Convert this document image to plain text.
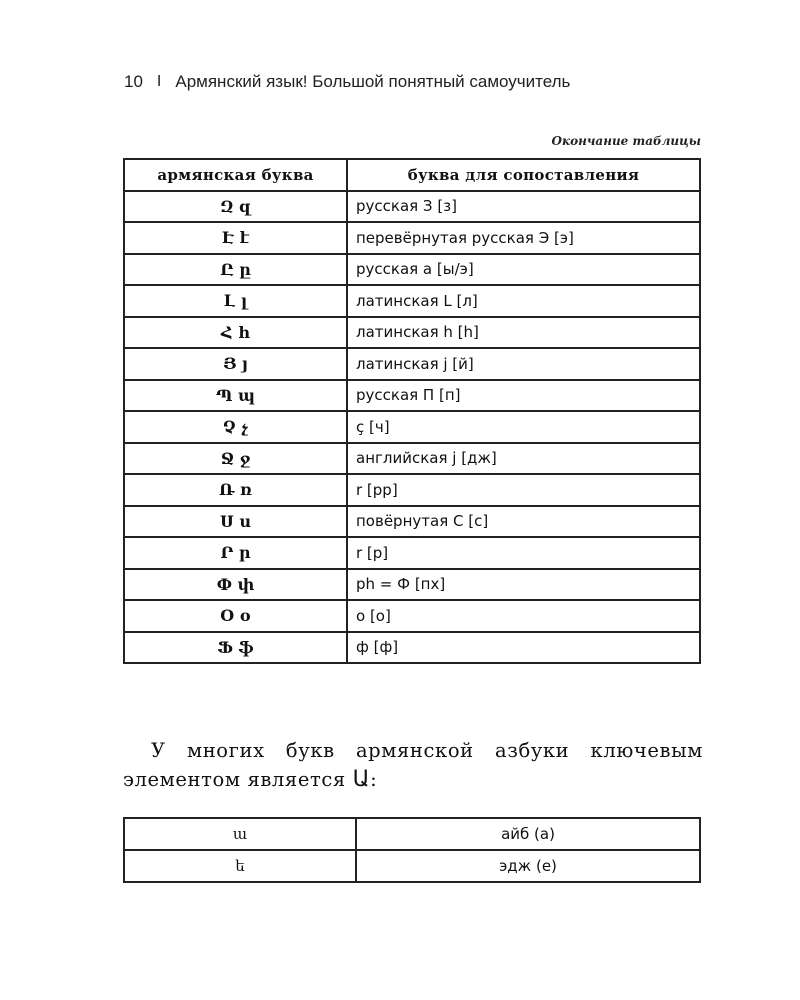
10 I Армянский язык! Большой понятный самоучитель
Окончание таблицы
армянская буква	буква для сопоставления
Զ զ	русская З [з]
Է է	перевёрнутая русская Э [э]
Ը ը	русская а [ы/э]
Լ լ	латинская L [л]
Հ հ	латинская h [h]
Յ յ	латинская j [й]
Պ պ	русская П [п]
Չ չ	ç [ч]
Ջ ջ	английская j [дж]
Ռ ռ	r [рр]
Ս ս	повёрнутая C [с]
Ր ր	r [р]
Փ փ	ph = Ф [пх]
Օ օ	o [о]
Ֆ ֆ	ф [ф]

У многих букв армянской азбуки ключевым элементом является Ա:

ա	айб (а)
ե	эдж (е)
